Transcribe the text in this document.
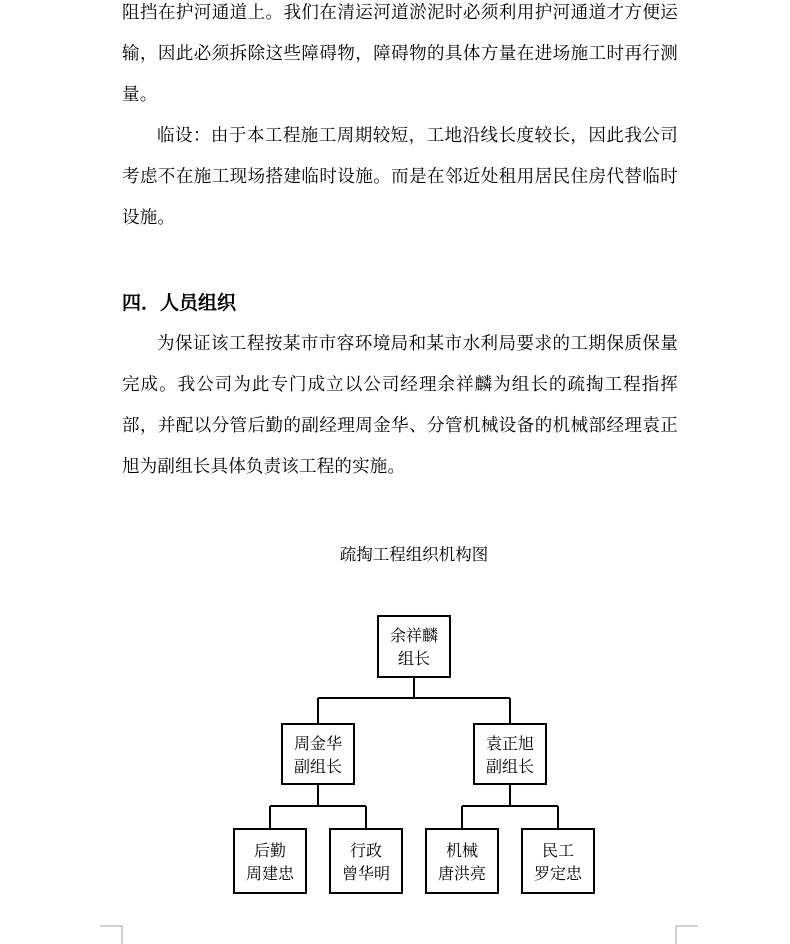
阻挡在护河通道上。我们在清运河道淤泥时必须利用护河通道才方便运输，因此必须拆除这些障碍物，障碍物的具体方量在进场施工时再行测量。

临设：由于本工程施工周期较短，工地沿线长度较长，因此我公司考虑不在施工现场搭建临时设施。而是在邻近处租用居民住房代替临时设施。

四．人员组织

为保证该工程按某市市容环境局和某市水利局要求的工期保质保量完成。我公司为此专门成立以公司经理余祥麟为组长的疏掏工程指挥部，并配以分管后勤的副经理周金华、分管机械设备的机械部经理袁正旭为副组长具体负责该工程的实施。

疏掏工程组织机构图
余祥麟
组长
周金华
副组长
袁正旭
副组长
后勤
周建忠
行政
曾华明
机械
唐洪亮
民工
罗定忠
